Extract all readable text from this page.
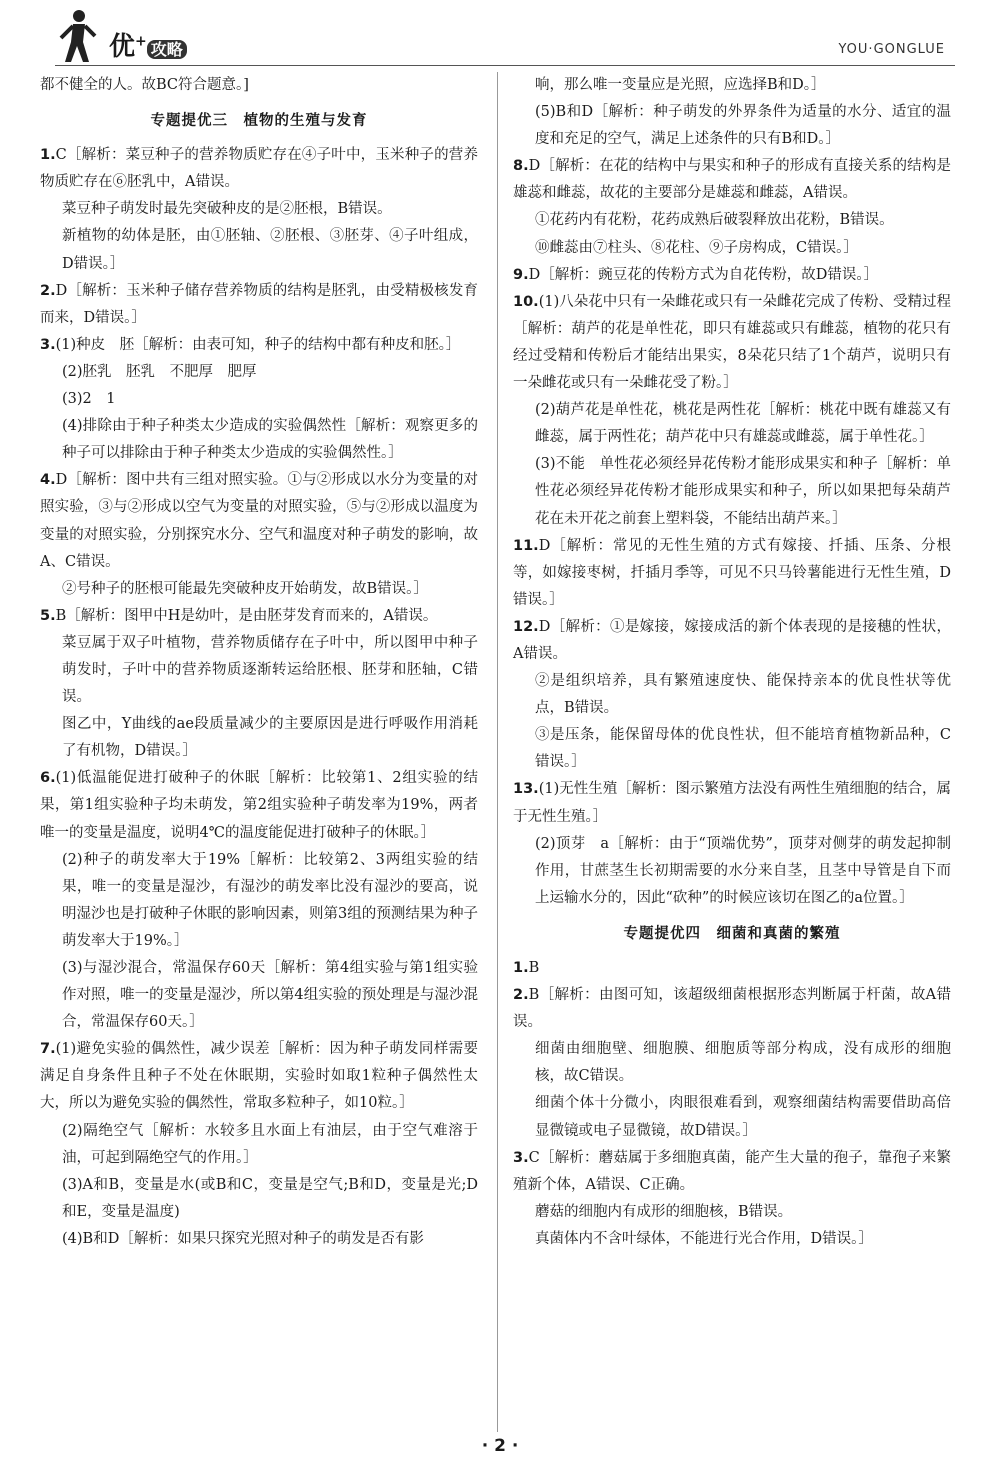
优+ 攻略	YOU·GONGLUE

都不健全的人。故BC符合题意。]

专题提优三　植物的生殖与发育

1.C［解析：菜豆种子的营养物质贮存在④子叶中，玉米种子的营养物质贮存在⑥胚乳中，A错误。

菜豆种子萌发时最先突破种皮的是②胚根，B错误。

新植物的幼体是胚，由①胚轴、②胚根、③胚芽、④子叶组成，D错误。］

2.D［解析：玉米种子储存营养物质的结构是胚乳，由受精极核发育而来，D错误。］

3.(1)种皮　胚［解析：由表可知，种子的结构中都有种皮和胚。］

(2)胚乳　胚乳　不肥厚　肥厚

(3)2　1

(4)排除由于种子种类太少造成的实验偶然性［解析：观察更多的种子可以排除由于种子种类太少造成的实验偶然性。］

4.D［解析：图中共有三组对照实验。①与②形成以水分为变量的对照实验，③与②形成以空气为变量的对照实验，⑤与②形成以温度为变量的对照实验，分别探究水分、空气和温度对种子萌发的影响，故A、C错误。

②号种子的胚根可能最先突破种皮开始萌发，故B错误。］

5.B［解析：图甲中H是幼叶，是由胚芽发育而来的，A错误。

菜豆属于双子叶植物，营养物质储存在子叶中，所以图甲中种子萌发时，子叶中的营养物质逐渐转运给胚根、胚芽和胚轴，C错误。

图乙中，Y曲线的ae段质量减少的主要原因是进行呼吸作用消耗了有机物，D错误。］

6.(1)低温能促进打破种子的休眠［解析：比较第1、2组实验的结果，第1组实验种子均未萌发，第2组实验种子萌发率为19%，两者唯一的变量是温度，说明4℃的温度能促进打破种子的休眠。］

(2)种子的萌发率大于19%［解析：比较第2、3两组实验的结果，唯一的变量是湿沙，有湿沙的萌发率比没有湿沙的要高，说明湿沙也是打破种子休眠的影响因素，则第3组的预测结果为种子萌发率大于19%。］

(3)与湿沙混合，常温保存60天［解析：第4组实验与第1组实验作对照，唯一的变量是湿沙，所以第4组实验的预处理是与湿沙混合，常温保存60天。］

7.(1)避免实验的偶然性，减少误差［解析：因为种子萌发同样需要满足自身条件且种子不处在休眠期，实验时如取1粒种子偶然性太大，所以为避免实验的偶然性，常取多粒种子，如10粒。］

(2)隔绝空气［解析：水较多且水面上有油层，由于空气难溶于油，可起到隔绝空气的作用。］

(3)A和B，变量是水(或B和C，变量是空气;B和D，变量是光;D和E，变量是温度)

(4)B和D［解析：如果只探究光照对种子的萌发是否有影

响，那么唯一变量应是光照，应选择B和D。］

(5)B和D［解析：种子萌发的外界条件为适量的水分、适宜的温度和充足的空气，满足上述条件的只有B和D。］

8.D［解析：在花的结构中与果实和种子的形成有直接关系的结构是雄蕊和雌蕊，故花的主要部分是雄蕊和雌蕊，A错误。

①花药内有花粉，花药成熟后破裂释放出花粉，B错误。

⑩雌蕊由⑦柱头、⑧花柱、⑨子房构成，C错误。］

9.D［解析：豌豆花的传粉方式为自花传粉，故D错误。］

10.(1)八朵花中只有一朵雌花或只有一朵雌花完成了传粉、受精过程［解析：葫芦的花是单性花，即只有雄蕊或只有雌蕊，植物的花只有经过受精和传粉后才能结出果实，8朵花只结了1个葫芦，说明只有一朵雌花或只有一朵雌花受了粉。］

(2)葫芦花是单性花，桃花是两性花［解析：桃花中既有雄蕊又有雌蕊，属于两性花；葫芦花中只有雄蕊或雌蕊，属于单性花。］

(3)不能　单性花必须经异花传粉才能形成果实和种子［解析：单性花必须经异花传粉才能形成果实和种子，所以如果把每朵葫芦花在未开花之前套上塑料袋，不能结出葫芦来。］

11.D［解析：常见的无性生殖的方式有嫁接、扦插、压条、分根等，如嫁接枣树，扦插月季等，可见不只马铃薯能进行无性生殖，D错误。］

12.D［解析：①是嫁接，嫁接成活的新个体表现的是接穗的性状，A错误。

②是组织培养，具有繁殖速度快、能保持亲本的优良性状等优点，B错误。

③是压条，能保留母体的优良性状，但不能培育植物新品种，C错误。］

13.(1)无性生殖［解析：图示繁殖方法没有两性生殖细胞的结合，属于无性生殖。］

(2)顶芽　a［解析：由于“顶端优势”，顶芽对侧芽的萌发起抑制作用，甘蔗茎生长初期需要的水分来自茎，且茎中导管是自下而上运输水分的，因此“砍种”的时候应该切在图乙的a位置。］

专题提优四　细菌和真菌的繁殖

1.B

2.B［解析：由图可知，该超级细菌根据形态判断属于杆菌，故A错误。

细菌由细胞壁、细胞膜、细胞质等部分构成，没有成形的细胞核，故C错误。

细菌个体十分微小，肉眼很难看到，观察细菌结构需要借助高倍显微镜或电子显微镜，故D错误。］

3.C［解析：蘑菇属于多细胞真菌，能产生大量的孢子，靠孢子来繁殖新个体，A错误、C正确。

蘑菇的细胞内有成形的细胞核，B错误。

真菌体内不含叶绿体，不能进行光合作用，D错误。］

· 2 ·
